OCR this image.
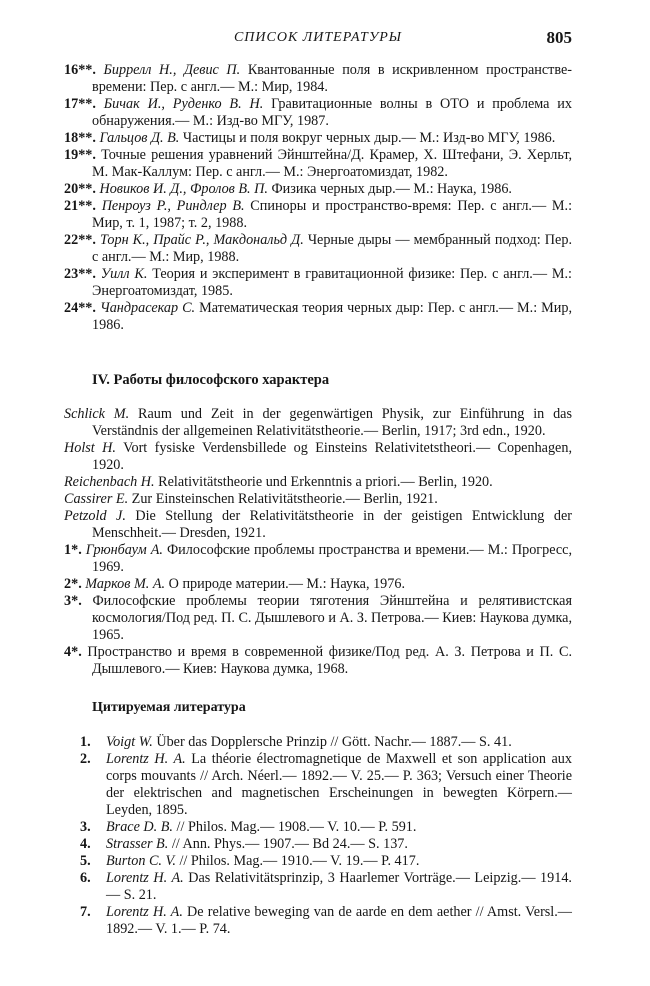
СПИСОК ЛИТЕРАТУРЫ	805
16**. Биррелл Н., Девис П. Квантованные поля в искривленном пространстве-времени: Пер. с англ.— М.: Мир, 1984.
17**. Бичак И., Руденко В. Н. Гравитационные волны в ОТО и проблема их обнаружения.— М.: Изд-во МГУ, 1987.
18**. Гальцов Д. В. Частицы и поля вокруг черных дыр.— М.: Изд-во МГУ, 1986.
19**. Точные решения уравнений Эйнштейна/Д. Крамер, X. Штефани, Э. Херльт, М. Мак-Каллум: Пер. с англ.— М.: Энергоатомиздат, 1982.
20**. Новиков И. Д., Фролов В. П. Физика черных дыр.— М.: Наука, 1986.
21**. Пенроуз Р., Риндлер В. Спиноры и пространство-время: Пер. с англ.— М.: Мир, т. 1, 1987; т. 2, 1988.
22**. Торн К., Прайс Р., Макдональд Д. Черные дыры — мембранный подход: Пер. с англ.— М.: Мир, 1988.
23**. Уилл К. Теория и эксперимент в гравитационной физике: Пер. с англ.— М.: Энергоатомиздат, 1985.
24**. Чандрасекар С. Математическая теория черных дыр: Пер. с англ.— М.: Мир, 1986.
IV. Работы философского характера
Schlick M. Raum und Zeit in der gegenwärtigen Physik, zur Einführung in das Verständnis der allgemeinen Relativitätstheorie.— Berlin, 1917; 3rd edn., 1920.
Holst H. Vort fysiske Verdensbillede og Einsteins Relativitetstheori.— Copenhagen, 1920.
Reichenbach H. Relativitätstheorie und Erkenntnis a priori.— Berlin, 1920.
Cassirer E. Zur Einsteinschen Relativitätstheorie.— Berlin, 1921.
Petzold J. Die Stellung der Relativitätstheorie in der geistigen Entwicklung der Menschheit.— Dresden, 1921.
1*. Грюнбаум А. Философские проблемы пространства и времени.— М.: Прогресс, 1969.
2*. Марков М. А. О природе материи.— М.: Наука, 1976.
3*. Философские проблемы теории тяготения Эйнштейна и релятивистская космология/Под ред. П. С. Дышлевого и А. З. Петрова.— Киев: Наукова думка, 1965.
4*. Пространство и время в современной физике/Под ред. А. З. Петрова и П. С. Дышлевого.— Киев: Наукова думка, 1968.
Цитируемая литература
1. Voigt W. Über das Dopplersche Prinzip // Gött. Nachr.— 1887.— S. 41.
2. Lorentz H. A. La théorie électromagnetique de Maxwell et son application aux corps mouvants // Arch. Néerl.— 1892.— V. 25.— P. 363; Versuch einer Theorie der elektrischen and magnetischen Erscheinungen in bewegten Körpern.— Leyden, 1895.
3. Brace D. B. // Philos. Mag.— 1908.— V. 10.— P. 591.
4. Strasser B. // Ann. Phys.— 1907.— Bd 24.— S. 137.
5. Burton C. V. // Philos. Mag.— 1910.— V. 19.— P. 417.
6. Lorentz H. A. Das Relativitätsprinzip, 3 Haarlemer Vorträge.— Leipzig.— 1914.— S. 21.
7. Lorentz H. A. De relative beweging van de aarde en dem aether // Amst. Versl.— 1892.— V. 1.— P. 74.
